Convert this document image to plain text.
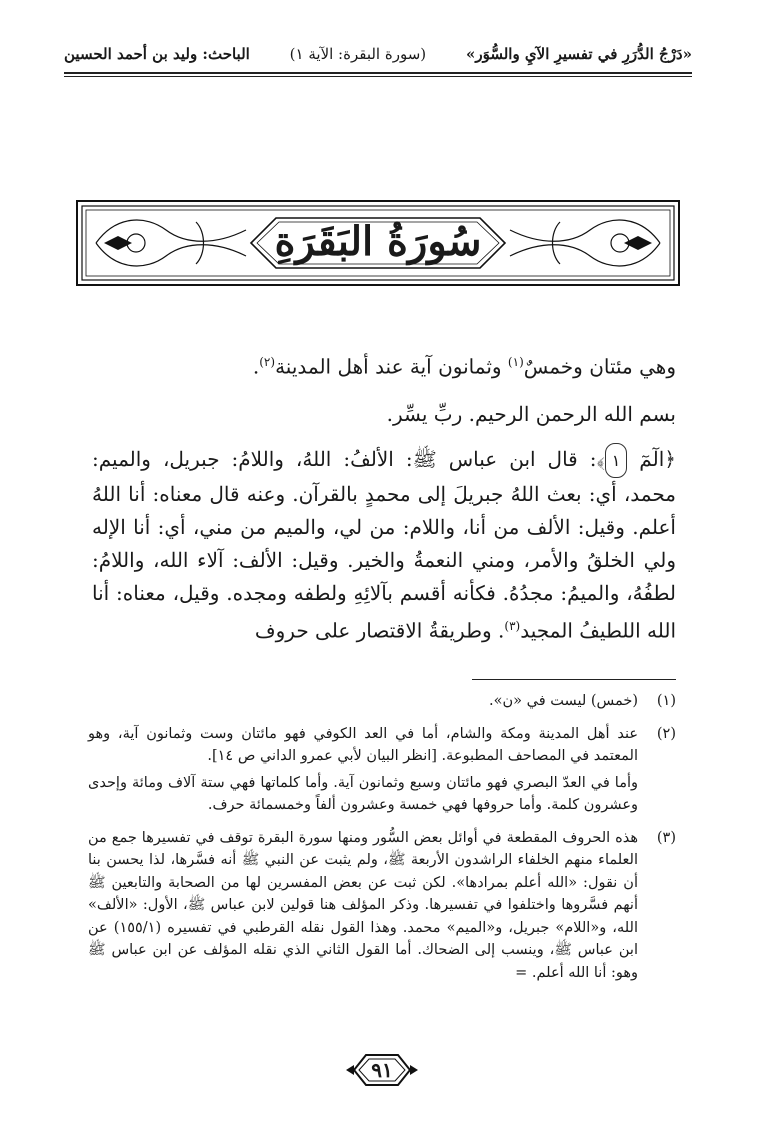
«دَرْجُ الدُّرَرِ في تفسيرِ الآيِ والسُّوَر»
(سورة البقرة: الآية ١)
الباحث: وليد بن أحمد الحسين
سُورَةُ البَقَرَةِ

وهي مئتان وخمسٌ$^{(١)}$ وثمانون آية عند أهل المدينة$^{(٢)}$.

بسم الله الرحمن الرحيم. ربِّ يسِّر.

﴿الٓمٓ ١﴾: قال ابن عباس ﷺ: الألفُ: اللهُ، واللامُ: جبريل، والميم: محمد، أي: بعث اللهُ جبريلَ إلى محمدٍ بالقرآن. وعنه قال معناه: أنا اللهُ أعلم. وقيل: الألف من أنا، واللام: من لي، والميم من مني، أي: أنا الإله ولي الخلقُ والأمر، ومني النعمةُ والخير. وقيل: الألف: آلاء الله، واللامُ: لطفُهُ، والميمُ: مجدُهُ. فكأنه أقسم بآلائِهِ ولطفه ومجده. وقيل، معناه: أنا الله اللطيفُ المجيد$^{(٣)}$. وطريقةُ الاقتصار على حروف

(١)

(خمس) ليست في «ن».

(٢)

عند أهل المدينة ومكة والشام، أما في العد الكوفي فهو مائتان وست وثمانون آية، وهو المعتمد في المصاحف المطبوعة. [انظر البيان لأبي عمرو الداني ص ١٤].

وأما في العدّ البصري فهو مائتان وسبع وثمانون آية. وأما كلماتها فهي ستة آلاف ومائة وإحدى وعشرون كلمة. وأما حروفها فهي خمسة وعشرون ألفاً وخمسمائة حرف.

(٣)

هذه الحروف المقطعة في أوائل بعض السُّور ومنها سورة البقرة توقف في تفسيرها جمع من العلماء منهم الخلفاء الراشدون الأربعة ﷺ، ولم يثبت عن النبي ﷺ أنه فسَّرها، لذا يحسن بنا أن نقول: «الله أعلم بمرادها». لكن ثبت عن بعض المفسرين لها من الصحابة والتابعين ﷺ أنهم فسَّروها واختلفوا في تفسيرها. وذكر المؤلف هنا قولين لابن عباس ﷺ، الأول: «الألف» الله، و«اللام» جبريل، و«الميم» محمد. وهذا القول نقله القرطبي في تفسيره (١٥٥/١) عن ابن عباس ﷺ، وينسب إلى الضحاك. أما القول الثاني الذي نقله المؤلف عن ابن عباس ﷺ وهو: أنا الله أعلم. =

٩١
